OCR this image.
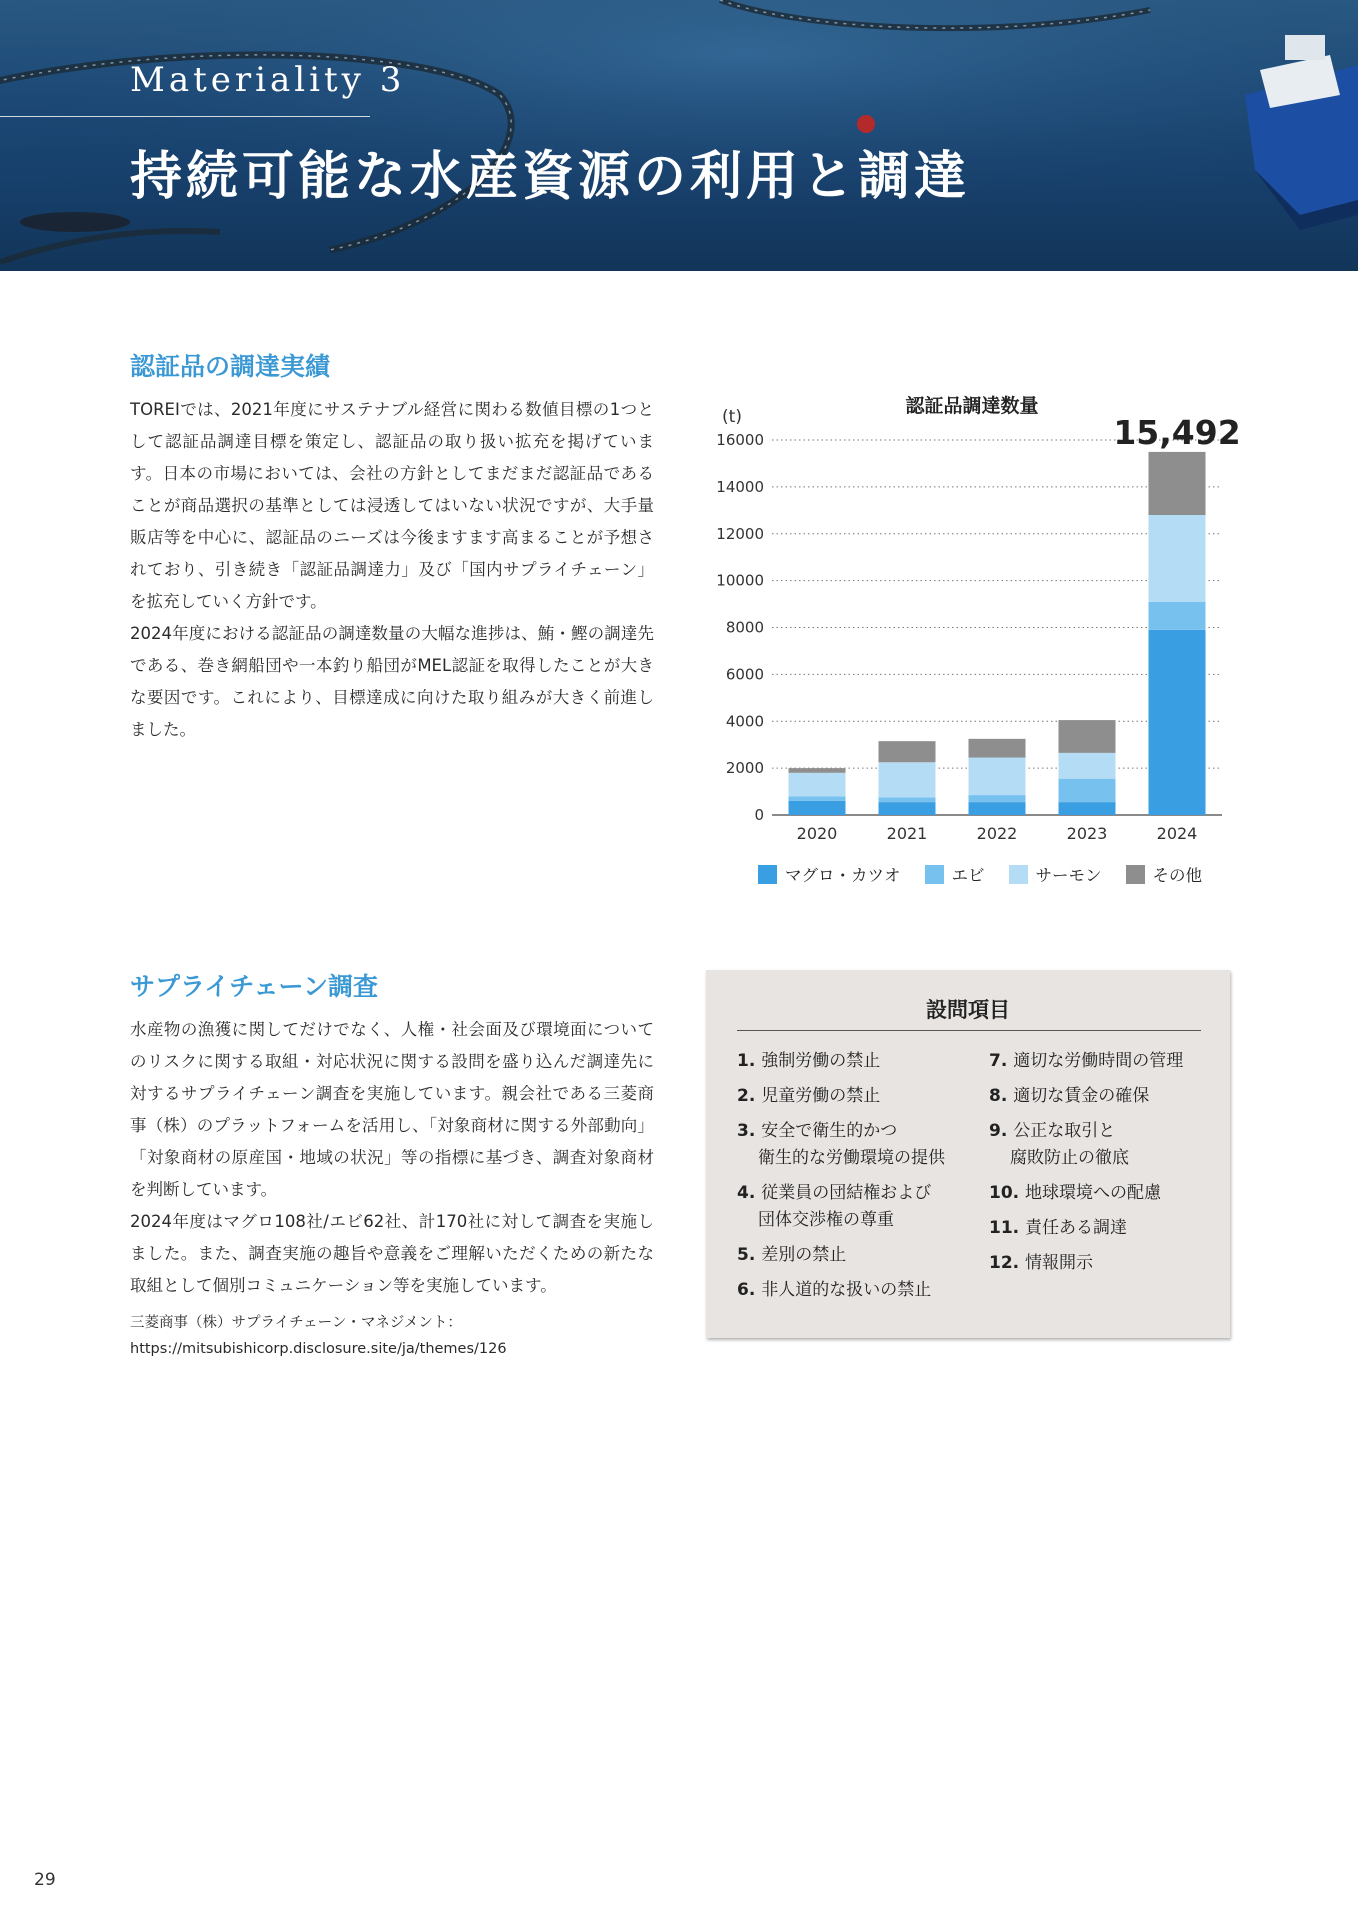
Materiality 3
持続可能な水産資源の利用と調達
認証品の調達実績

TOREIでは、2021年度にサステナブル経営に関わる数値目標の1つとして認証品調達目標を策定し、認証品の取り扱い拡充を掲げています。日本の市場においては、会社の方針としてまだまだ認証品であることが商品選択の基準としては浸透してはいない状況ですが、大手量販店等を中心に、認証品のニーズは今後ますます高まることが予想されており、引き続き「認証品調達力」及び「国内サプライチェーン」を拡充していく方針です。

2024年度における認証品の調達数量の大幅な進捗は、鮪・鰹の調達先である、巻き網船団や一本釣り船団がMEL認証を取得したことが大きな要因です。これにより、目標達成に向けた取り組みが大きく前進しました。

0
2000
4000
6000
8000
10000
12000
14000
16000
(t)	認証品調達数量
2020	2021	2022	2023	2024
15,492
マグロ・カツオ	エビ	サーモン	その他
サプライチェーン調査

水産物の漁獲に関してだけでなく、人権・社会面及び環境面についてのリスクに関する取組・対応状況に関する設問を盛り込んだ調達先に対するサプライチェーン調査を実施しています。親会社である三菱商事（株）のプラットフォームを活用し、「対象商材に関する外部動向」「対象商材の原産国・地域の状況」等の指標に基づき、調査対象商材を判断しています。

2024年度はマグロ108社/エビ62社、計170社に対して調査を実施しました。また、調査実施の趣旨や意義をご理解いただくための新たな取組として個別コミュニケーション等を実施しています。

三菱商事（株）サプライチェーン・マネジメント：
https://mitsubishicorp.disclosure.site/ja/themes/126
設問項目
1. 強制労働の禁止
2. 児童労働の禁止
3. 安全で衛生的かつ
衛生的な労働環境の提供
4. 従業員の団結権および
団体交渉権の尊重
5. 差別の禁止
6. 非人道的な扱いの禁止
7. 適切な労働時間の管理
8. 適切な賃金の確保
9. 公正な取引と
腐敗防止の徹底
10. 地球環境への配慮
11. 責任ある調達
12. 情報開示
29
